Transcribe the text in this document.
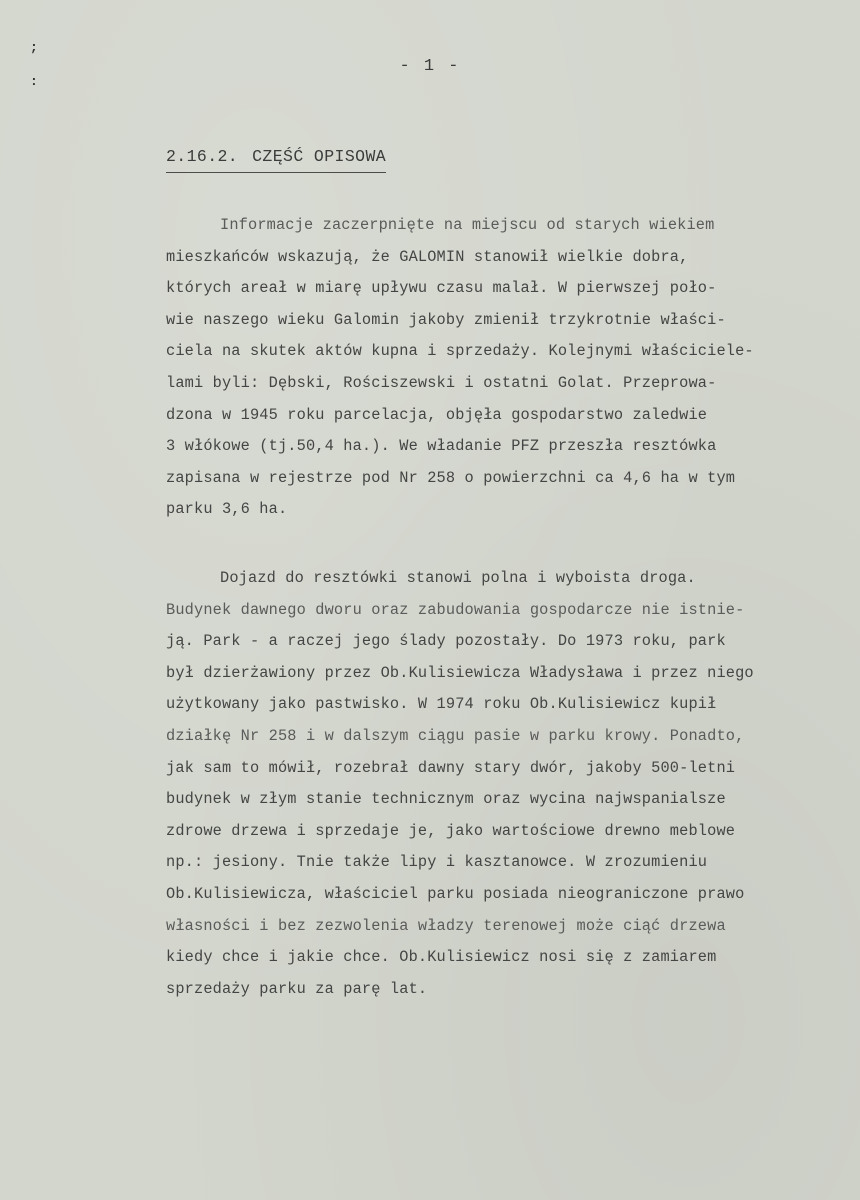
;
:
- 1 -
2.16.2. CZĘŚĆ OPISOWA
Informacje zaczerpnięte na miejscu od starych wiekiem
mieszkańców wskazują, że GALOMIN stanowił wielkie dobra,
których areał w miarę upływu czasu malał. W pierwszej poło-
wie naszego wieku Galomin jakoby zmienił trzykrotnie właści-
ciela na skutek aktów kupna i sprzedaży. Kolejnymi właściciele-
lami byli: Dębski, Rościszewski i ostatni Golat. Przeprowa-
dzona w 1945 roku parcelacja, objęła gospodarstwo zaledwie
3 włókowe (tj.50,4 ha.). We władanie PFZ przeszła resztówka
zapisana w rejestrze pod Nr 258 o powierzchni ca 4,6 ha w tym
parku 3,6 ha.
Dojazd do resztówki stanowi polna i wyboista droga.
Budynek dawnego dworu oraz zabudowania gospodarcze nie istnie-
ją. Park - a raczej jego ślady pozostały. Do 1973 roku, park
był dzierżawiony przez Ob.Kulisiewicza Władysława i przez niego
użytkowany jako pastwisko. W 1974 roku Ob.Kulisiewicz kupił
działkę Nr 258 i w dalszym ciągu pasie w parku krowy. Ponadto,
jak sam to mówił, rozebrał dawny stary dwór, jakoby 500-letni
budynek w złym stanie technicznym oraz wycina najwspanialsze
zdrowe drzewa i sprzedaje je, jako wartościowe drewno meblowe
np.: jesiony. Tnie także lipy i kasztanowce. W zrozumieniu
Ob.Kulisiewicza, właściciel parku posiada nieograniczone prawo
własności i bez zezwolenia władzy terenowej może ciąć drzewa
kiedy chce i jakie chce. Ob.Kulisiewicz nosi się z zamiarem
sprzedaży parku za parę lat.
